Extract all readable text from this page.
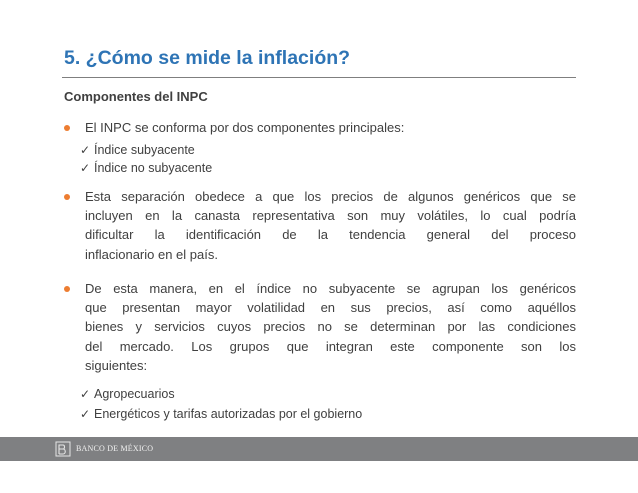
5. ¿Cómo se mide la inflación?
Componentes del INPC
El INPC se conforma por dos componentes principales:
✓ Índice subyacente
✓ Índice no subyacente
Esta separación obedece a que los precios de algunos genéricos que se
incluyen en la canasta representativa son muy volátiles, lo cual podría
dificultar la identificación de la tendencia general del proceso
inflacionario en el país.
De esta manera, en el índice no subyacente se agrupan los genéricos
que presentan mayor volatilidad en sus precios, así como aquéllos
bienes y servicios cuyos precios no se determinan por las condiciones
del mercado. Los grupos que integran este componente son los
siguientes:
✓ Agropecuarios
✓ Energéticos y tarifas autorizadas por el gobierno
BANCO DE MÉXICO
